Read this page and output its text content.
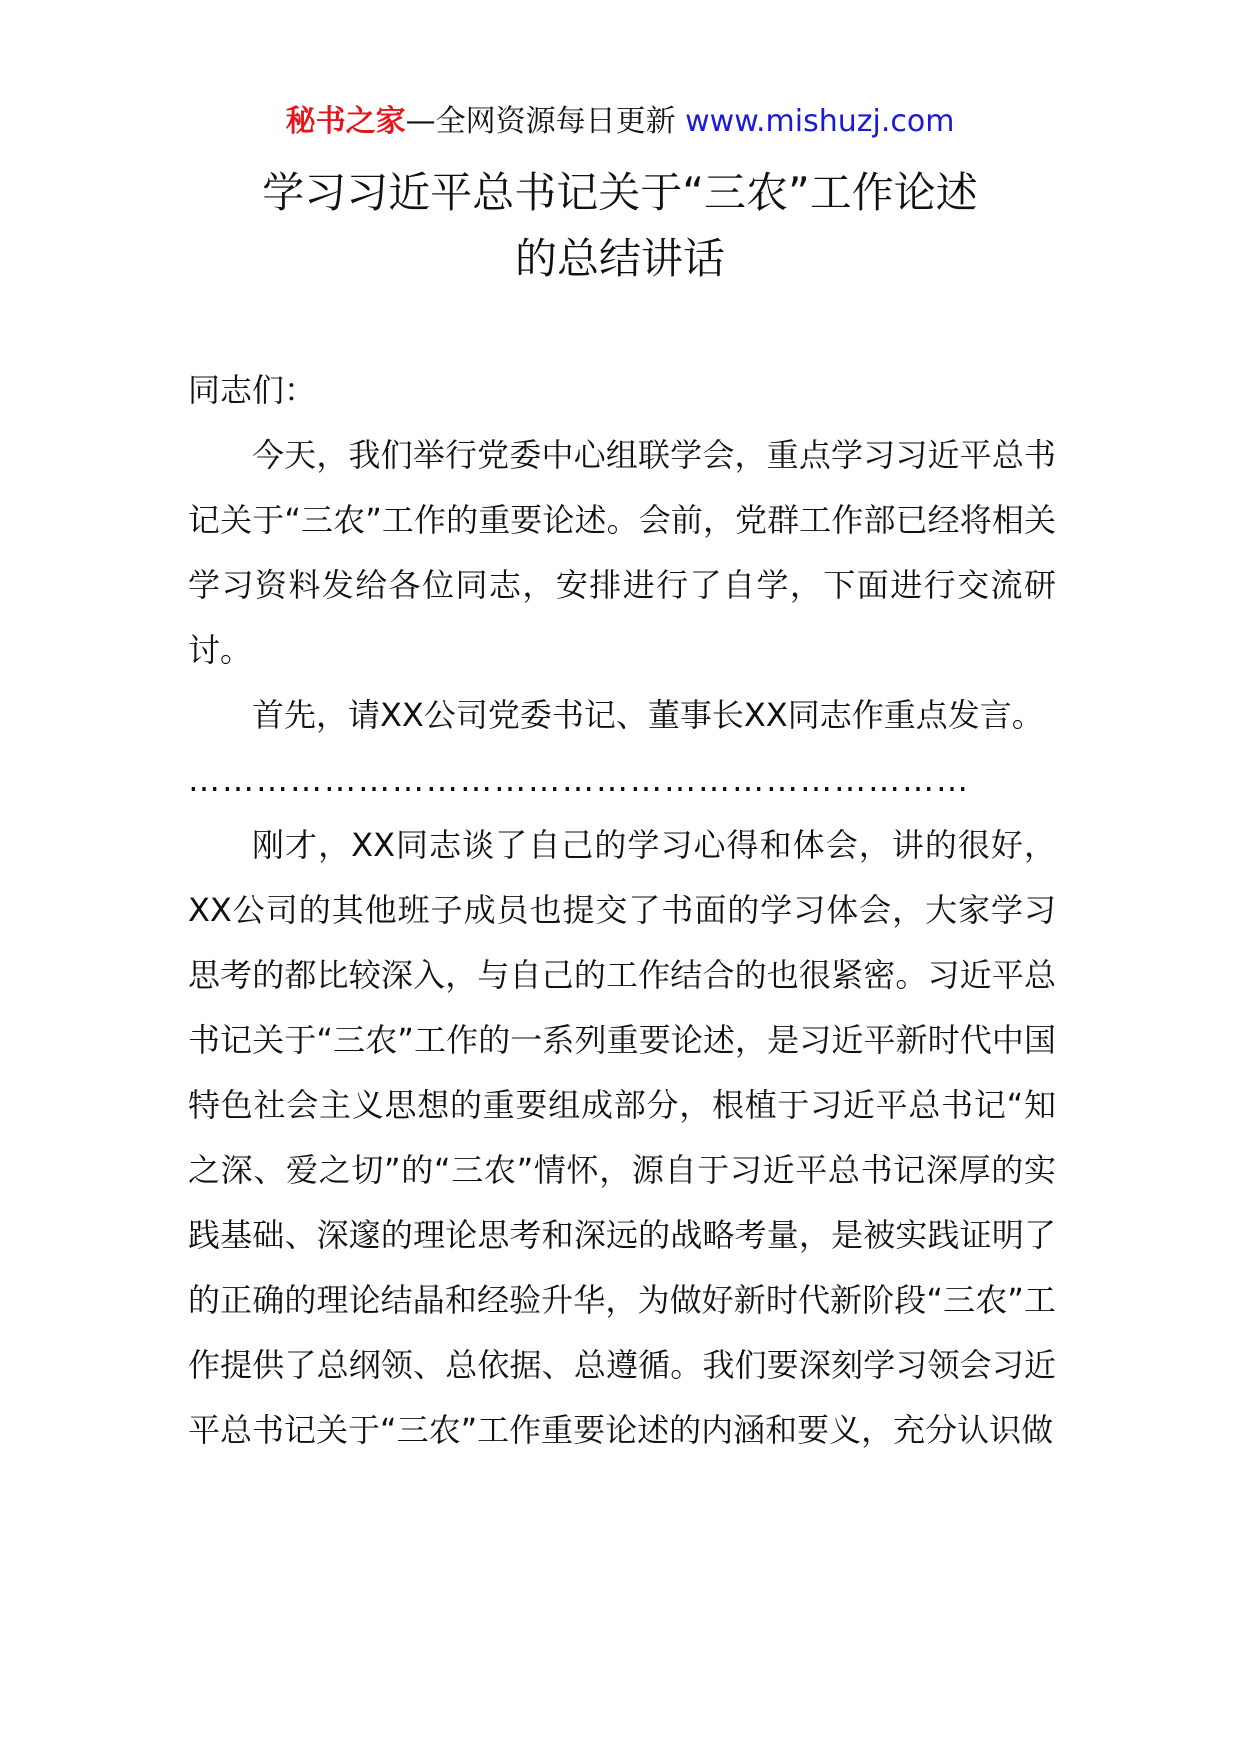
秘书之家—全网资源每日更新 www.mishuzj.com
学习习近平总书记关于“三农”工作论述
的总结讲话

同志们：

今天，我们举行党委中心组联学会，重点学习习近平总书记关于“三农”工作的重要论述。会前，党群工作部已经将相关学习资料发给各位同志，安排进行了自学，下面进行交流研讨。

首先，请XX公司党委书记、董事长XX同志作重点发言。

……………………………………………………………

刚才，XX同志谈了自己的学习心得和体会，讲的很好，XX公司的其他班子成员也提交了书面的学习体会，大家学习思考的都比较深入，与自己的工作结合的也很紧密。习近平总书记关于“三农”工作的一系列重要论述，是习近平新时代中国特色社会主义思想的重要组成部分，根植于习近平总书记“知之深、爱之切”的“三农”情怀，源自于习近平总书记深厚的实践基础、深邃的理论思考和深远的战略考量，是被实践证明了的正确的理论结晶和经验升华，为做好新时代新阶段“三农”工作提供了总纲领、总依据、总遵循。我们要深刻学习领会习近平总书记关于“三农”工作重要论述的内涵和要义，充分认识做
